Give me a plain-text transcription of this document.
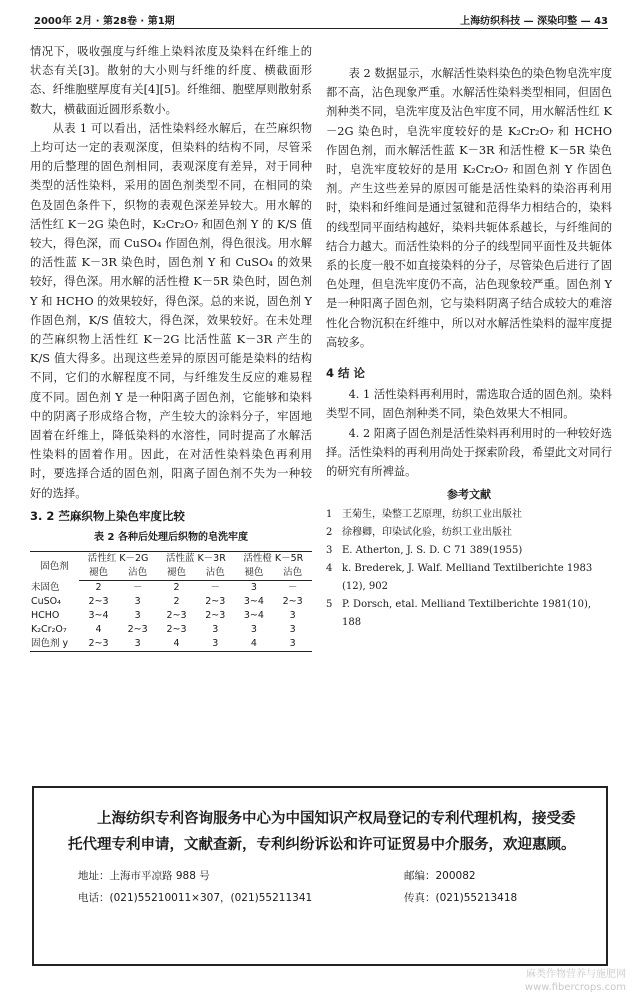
2000年 2月 · 第28卷 · 第1期	上海纺织科技 — 深染印整 — 43

情况下，吸收强度与纤维上染料浓度及染料在纤维上的状态有关[3]。散射的大小则与纤维的纤度、横截面形态、纤维胞壁厚度有关[4][5]。纤维细、胞壁厚则散射系数大，横截面近圆形系数小。

从表 1 可以看出，活性染料经水解后，在苎麻织物上均可达一定的表观深度，但染料的结构不同，尽管采用的后整理的固色剂相同，表观深度有差异，对于同种类型的活性染料，采用的固色剂类型不同，在相同的染色及固色条件下，织物的表观色深差异较大。用水解的活性红 K－2G 染色时，K₂Cr₂O₇ 和固色剂 Y 的 K/S 值较大，得色深，而 CuSO₄ 作固色剂，得色很浅。用水解的活性蓝 K－3R 染色时，固色剂 Y 和 CuSO₄ 的效果较好，得色深。用水解的活性橙 K－5R 染色时，固色剂 Y 和 HCHO 的效果较好，得色深。总的来说，固色剂 Y 作固色剂，K/S 值较大，得色深，效果较好。在未处理的苎麻织物上活性红 K－2G 比活性蓝 K－3R 产生的 K/S 值大得多。出现这些差异的原因可能是染料的结构不同，它们的水解程度不同，与纤维发生反应的难易程度不同。固色剂 Y 是一种阳离子固色剂，它能够和染料中的阴离子形成络合物，产生较大的涂料分子，牢固地固着在纤维上，降低染料的水溶性，同时提高了水解活性染料的固着作用。因此，在对活性染料染色再利用时，要选择合适的固色剂，阳离子固色剂不失为一种较好的选择。

3. 2 苎麻织物上染色牢度比较
表 2 各种后处理后织物的皂洗牢度
固色剂	活性红 K－2G		活性蓝 K－3R		活性橙 K－5R	
	褪色	沾色	褪色	沾色	褪色	沾色
未固色	2	－	2	－	3	－
CuSO₄	2~3	3	2	2~3	3~4	2~3
HCHO	3~4	3	2~3	2~3	3~4	3
K₂Cr₂O₇	4	2~3	2~3	3	3	3
固色剂 y	2~3	3	4	3	4	3

表 2 数据显示，水解活性染料染色的染色物皂洗牢度都不高，沾色现象严重。水解活性染料类型相同，但固色剂种类不同，皂洗牢度及沾色牢度不同，用水解活性红 K－2G 染色时，皂洗牢度较好的是 K₂Cr₂O₇ 和 HCHO 作固色剂，而水解活性蓝 K－3R 和活性橙 K－5R 染色时，皂洗牢度较好的是用 K₂Cr₂O₇ 和固色剂 Y 作固色剂。产生这些差异的原因可能是活性染料的染浴再利用时，染料和纤维间是通过氢键和范得华力相结合的，染料的线型同平面结构越好，染料共轭体系越长，与纤维间的结合力越大。而活性染料的分子的线型同平面性及共轭体系的长度一般不如直接染料的分子，尽管染色后进行了固色处理，但皂洗牢度仍不高，沾色现象较严重。固色剂 Y 是一种阳离子固色剂，它与染料阴离子结合成较大的难溶性化合物沉积在纤维中，所以对水解活性染料的湿牢度提高较多。

4 结 论

4. 1 活性染料再利用时，需选取合适的固色剂。染料类型不同，固色剂种类不同，染色效果大不相同。

4. 2 阳离子固色剂是活性染料再利用时的一种较好选择。活性染料的再利用尚处于探索阶段，希望此文对同行的研究有所裨益。

参考文献
1 王菊生，染整工艺原理，纺织工业出版社
2 徐穆卿，印染试化验，纺织工业出版社
3 E. Atherton, J. S. D. C 71 389(1955)
4 k. Brederek, J. Walf. Melliand Textilberichte 1983 (12), 902
5 P. Dorsch, etal. Melliand Textilberichte 1981(10), 188

上海纺织专利咨询服务中心为中国知识产权局登记的专利代理机构，接受委托代理专利申请，文献查新，专利纠纷诉讼和许可证贸易中介服务，欢迎惠顾。

地址：上海市平凉路 988 号	邮编：200082
电话：(021)55210011×307，(021)55211341	传真：(021)55213418
麻类作物营养与施肥网
www.fibercrops.com
